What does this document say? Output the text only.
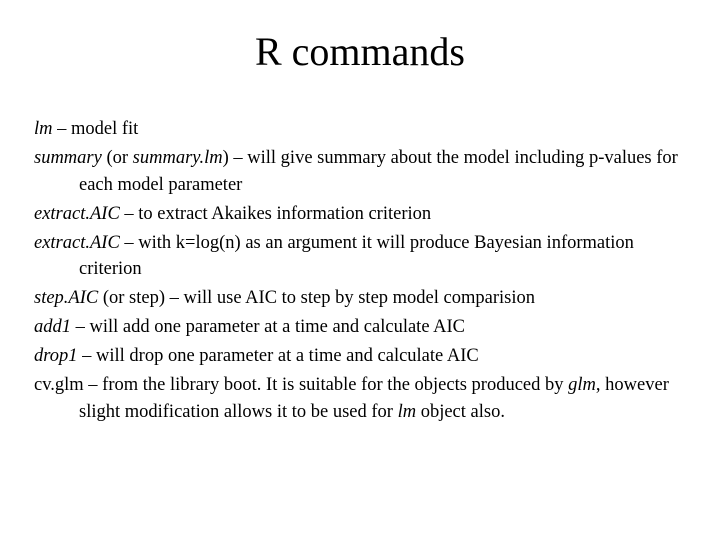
R commands

lm – model fit

summary (or summary.lm) – will give summary about the model including p-values for each model parameter

extract.AIC – to extract Akaikes information criterion

extract.AIC – with k=log(n) as an argument it will produce Bayesian information criterion

step.AIC (or step) – will use AIC to step by step model comparision

add1 – will add one parameter at a time and calculate AIC

drop1 – will drop one parameter at a time and calculate AIC

cv.glm – from the library boot. It is suitable for the objects produced by glm, however slight modification allows it to be used for lm object also.
